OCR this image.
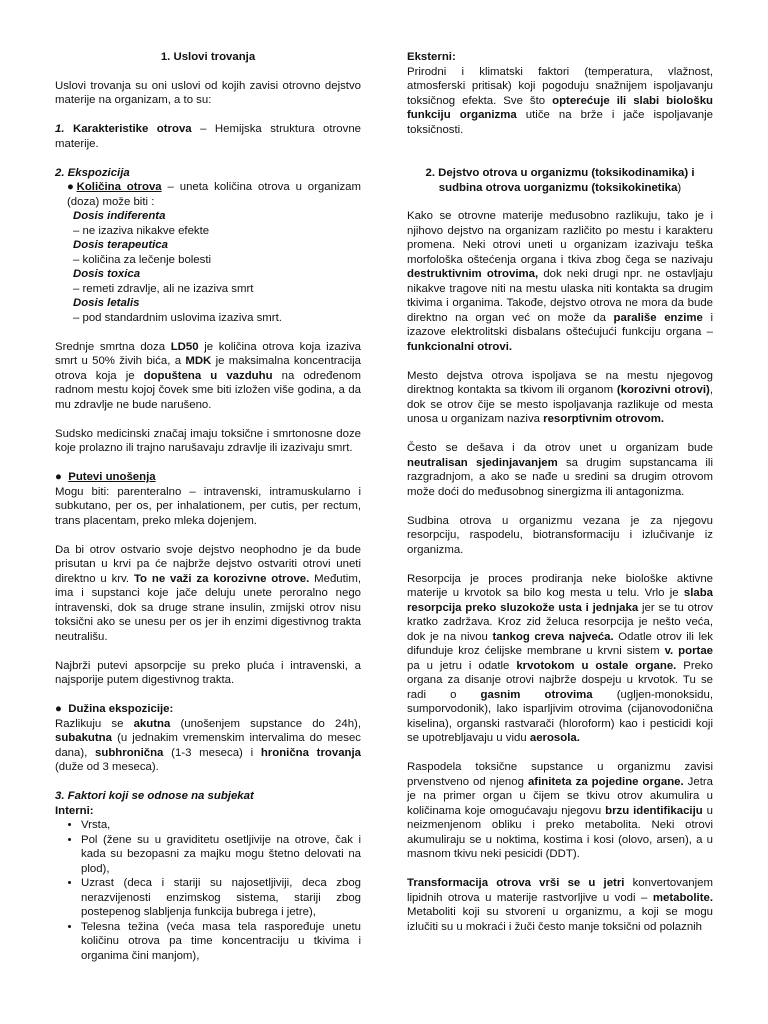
1. Uslovi trovanja

Uslovi trovanja su oni uslovi od kojih zavisi otrovno dejstvo materije na organizam, a to su:

1. Karakteristike otrova – Hemijska struktura otrovne materije.

2. Ekspozicija
●Količina otrova – uneta količina otrova u organizam (doza) može biti :
Dosis indiferenta
– ne izaziva nikakve efekte
Dosis terapeutica
– količina za lečenje bolesti
Dosis toxica
– remeti zdravlje, ali ne izaziva smrt
Dosis letalis
– pod standardnim uslovima izaziva smrt.

Srednje smrtna doza LD50 je količina otrova koja izaziva smrt u 50% živih bića, a MDK je maksimalna koncentracija otrova koja je dopuštena u vazduhu na određenom radnom mestu kojoj čovek sme biti izložen više godina, a da mu zdravlje ne bude narušeno.

Sudsko medicinski značaj imaju toksične i smrtonosne doze koje prolazno ili trajno narušavaju zdravlje ili izazivaju smrt.

● Putevi unošenja

Mogu biti: parenteralno – intravenski, intramuskularno i subkutano, per os, per inhalationem, per cutis, per rectum, trans placentam, preko mleka dojenjem.

Da bi otrov ostvario svoje dejstvo neophodno je da bude prisutan u krvi pa će najbrže dejstvo ostvariti otrovi uneti direktno u krv. To ne važi za korozivne otrove. Međutim, ima i supstanci koje jače deluju unete peroralno nego intravenski, dok sa druge strane insulin, zmijski otrov nisu toksični ako se unesu per os jer ih enzimi digestivnog trakta neutrališu.

Najbrži putevi apsorpcije su preko pluća i intravenski, a najsporije putem digestivnog trakta.

● Dužina ekspozicije:

Razlikuju se akutna (unošenjem supstance do 24h), subakutna (u jednakim vremenskim intervalima do mesec dana), subhronična (1-3 meseca) i hronična trovanja (duže od 3 meseca).

3. Faktori koji se odnose na subjekat
Interni:
• Vrsta,
• Pol (žene su u graviditetu osetljivije na otrove, čak i kada su bezopasni za majku mogu štetno delovati na plod),
• Uzrast (deca i stariji su najosetljiviji, deca zbog nerazvijenosti enzimskog sistema, stariji zbog postepenog slabljenja funkcija bubrega i jetre),
• Telesna težina (veća masa tela raspoređuje unetu količinu otrova pa time koncentraciju u tkivima i organima čini manjom),
Eksterni:

Prirodni i klimatski faktori (temperatura, vlažnost, atmosferski pritisak) koji pogoduju snažnijem ispoljavanju toksičnog efekta. Sve što opterećuje ili slabi biološku funkciju organizma utiče na brže i jače ispoljavanje toksičnosti.

2. Dejstvo otrova u organizmu (toksikodinamika) i
sudbina otrova uorganizmu (toksikokinetika)

Kako se otrovne materije međusobno razlikuju, tako je i njihovo dejstvo na organizam različito po mestu i karakteru promena. Neki otrovi uneti u organizam izazivaju teška morfološka oštećenja organa i tkiva zbog čega se nazivaju destruktivnim otrovima, dok neki drugi npr. ne ostavljaju nikakve tragove niti na mestu ulaska niti kontakta sa drugim tkivima i organima. Takođe, dejstvo otrova ne mora da bude direktno na organ već on može da parališe enzime i izazove elektrolitski disbalans oštećujući funkciju organa – funkcionalni otrovi.

Mesto dejstva otrova ispoljava se na mestu njegovog direktnog kontakta sa tkivom ili organom (korozivni otrovi), dok se otrov čije se mesto ispoljavanja razlikuje od mesta unosa u organizam naziva resorptivnim otrovom.

Često se dešava i da otrov unet u organizam bude neutralisan sjedinjavanjem sa drugim supstancama ili razgradnjom, a ako se nađe u sredini sa drugim otrovom može doći do međusobnog sinergizma ili antagonizma.

Sudbina otrova u organizmu vezana je za njegovu resorpciju, raspodelu, biotransformaciju i izlučivanje iz organizma.

Resorpcija je proces prodiranja neke biološke aktivne materije u krvotok sa bilo kog mesta u telu. Vrlo je slaba resorpcija preko sluzokože usta i jednjaka jer se tu otrov kratko zadržava. Kroz zid želuca resorpcija je nešto veća, dok je na nivou tankog creva najveća. Odatle otrov ili lek difunduje kroz ćelijske membrane u krvni sistem v. portae pa u jetru i odatle krvotokom u ostale organe. Preko organa za disanje otrovi najbrže dospeju u krvotok. Tu se radi o gasnim otrovima (ugljen-monoksidu, sumporvodonik), lako isparljivim otrovima (cijanovodonična kiselina), organski rastvarači (hloroform) kao i pesticidi koji se upotrebljavaju u vidu aerosola.

Raspodela toksične supstance u organizmu zavisi prvenstveno od njenog afiniteta za pojedine organe. Jetra je na primer organ u čijem se tkivu otrov akumulira u količinama koje omogućavaju njegovu brzu identifikaciju u neizmenjenom obliku i preko metabolita. Neki otrovi akumuliraju se u noktima, kostima i kosi (olovo, arsen), a u masnom tkivu neki pesicidi (DDT).

Transformacija otrova vrši se u jetri konvertovanjem lipidnih otrova u materije rastvorljive u vodi – metabolite. Metaboliti koji su stvoreni u organizmu, a koji se mogu izlučiti su u mokraći i žuči često manje toksični od polaznih
